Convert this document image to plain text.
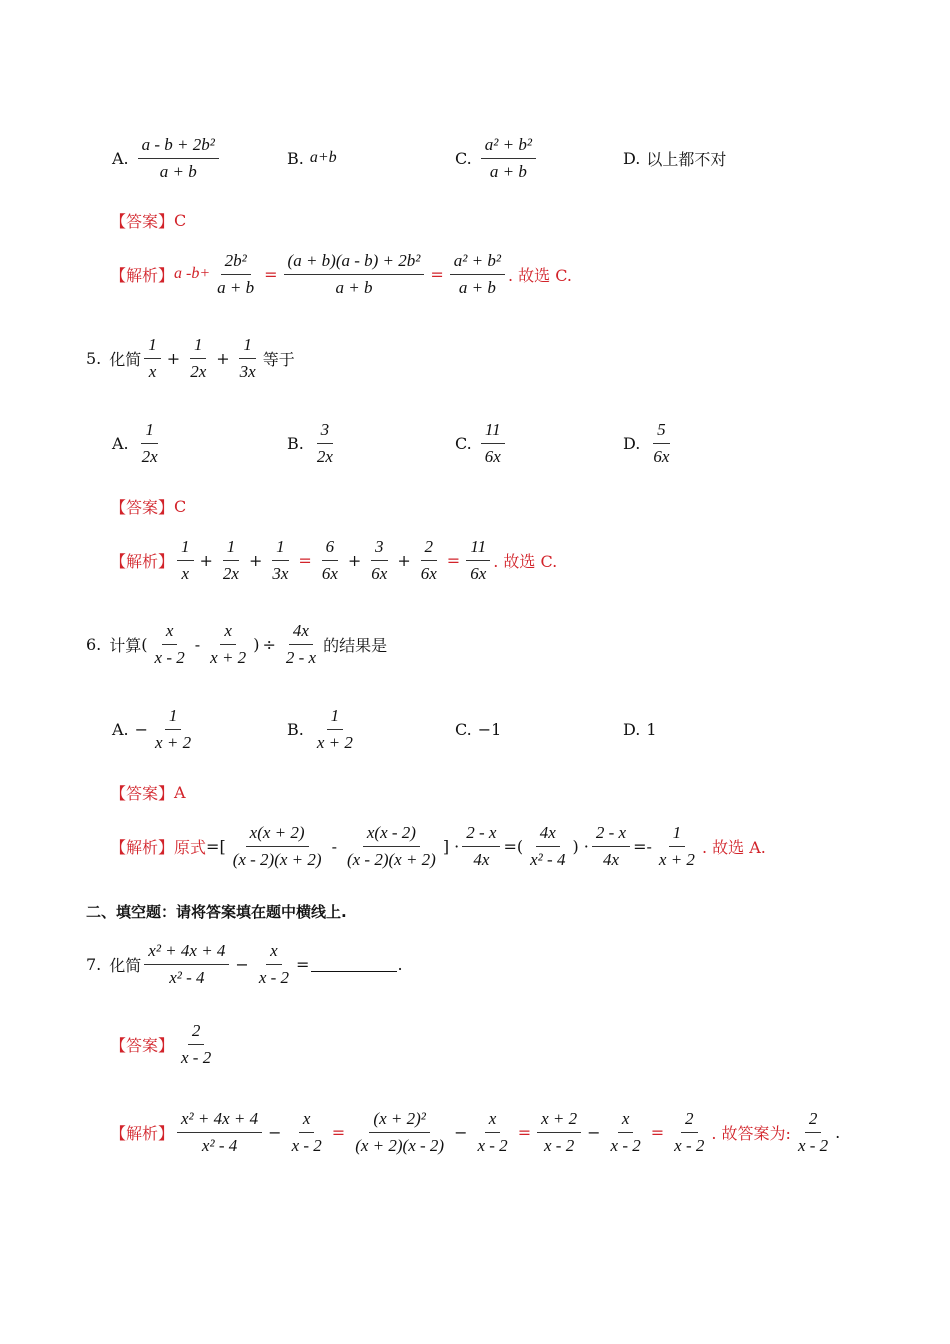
A. $\frac{\text{a - b + 2b²}}{a + b}$	B. a+b	C. $\frac{\text{a² + b²}}{a + b}$	D. 以上都不对
【答案】 C
【解析】 a $-b+ \frac{\text{2b²}}{a + b} = \frac{\text{(a + b)(a - b) + 2b²}}{a + b} = \frac{\text{a² + b²}}{a + b}$ . 故选 C.
5. 化简 $\frac{1}{x} + \frac{1}{2x} + \frac{1}{3x}$ 等于
A. $\frac{1}{2x}$	B. $\frac{3}{2x}$	C. $\frac{11}{6x}$	D. $\frac{5}{6x}$
【答案】 C
【解析】 $\frac{1}{x} + \frac{1}{2x} + \frac{1}{3x} = \frac{6}{6x} + \frac{3}{6x} + \frac{2}{6x} = \frac{11}{6x}$ . 故选 C.
6. 计算 ( $\frac{x}{x - 2} - \frac{x}{x + 2}$ ) ÷ $\frac{4x}{2 - x}$ 的结果是
A. − $\frac{1}{x + 2}$	B. $\frac{1}{x + 2}$	C. −1	D. 1
【答案】 A
【解析】 原式 =[ $\frac{x(x + 2)}{(x - 2)(x + 2)} - \frac{x(x - 2)}{(x - 2)(x + 2)}$ ] · $\frac{2 - x}{4x}$ =( $\frac{4x}{\text{x² - 4}}$ ) · $\frac{2 - x}{4x} =- \frac{1}{x + 2}$ . 故选 A.
二、填空题：请将答案填在题中横线上.
7. 化简 $\frac{\text{x² + 4x + 4}}{\text{x² - 4}} - \frac{x}{x - 2}$ =	.
【答案】 $\frac{2}{x - 2}$
【解析】 $\frac{\text{x² + 4x + 4}}{\text{x² - 4}} - \frac{x}{x - 2} = \frac{\text{(x + 2)²}}{(x + 2)(x - 2)} - \frac{x}{x - 2} = \frac{x + 2}{x - 2} - \frac{x}{x - 2} = \frac{2}{x - 2}$ . 故答案为: $\frac{2}{x - 2}$ .
